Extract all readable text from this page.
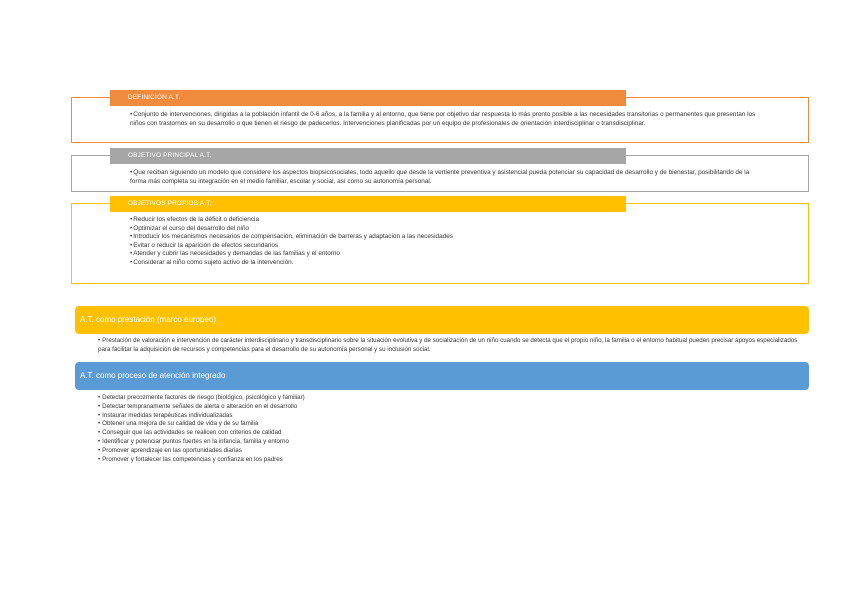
DEFINICIÓN A.T.
• Conjunto de intervenciones, dirigidas a la población infantil de 0-6 años, a la familia y al entorno, que tiene por objetivo dar respuesta lo más pronto posible a las necesidades transitorias o permanentes que presentan los niños con trastornos en su desarrollo o que tienen el riesgo de padecerlos. Intervenciones planificadas por un equipo de profesionales de orientación interdisciplinar o transdisciplinar.
OBJETIVO PRINCIPAL A.T.
• Que reciban siguiendo un modelo que considere los aspectos biopsicosociales, todo aquello que desde la vertiente preventiva y asistencial pueda potenciar su capacidad de desarrollo y de bienestar, posibilitando de la forma más completa su integración en el medio familiar, escolar y social, así como su autonomía personal.
OBJETIVOS PROPIOS A.T.
• Reducir los efectos de la déficit o deficiencia
• Optimizar el curso del desarrollo del niño
• Introducir los mecanismos necesarios de compensación, eliminación de barreras y adaptación a las necesidades
• Evitar o reducir la aparición de efectos secundarios
• Atender y cubrir las necesidades y demandas de las familias y el entorno
• Considerar al niño como sujeto activo de la intervención.
A.T. como prestación (marco europeo)
• Prestación de valoración e intervención de carácter interdisciplinario y transdisciplinario sobre la situación evolutiva y de socialización de un niño cuando se detecta que el propio niño, la familia o el entorno habitual pueden precisar apoyos especializados para facilitar la adquisición de recursos y competencias para el desarrollo de su autonomía personal y su inclusión social.
A.T. como proceso de atención integrado
• Detectar precozmente factores de riesgo (biológico, psicológico y familiar)
• Detectar tempranamente señales de alerta o alteración en el desarrollo
• Instaurar medidas terapéuticas individualizadas
• Obtener una mejora de su calidad de vida y de su familia
• Conseguir que las actividades se realicen con criterios de calidad
• Identificar y potenciar puntos fuertes en la infancia, familia y entorno
• Promover aprendizaje en las oportunidades diarias
• Promover y fortalecer las competencias y confianza en los padres
